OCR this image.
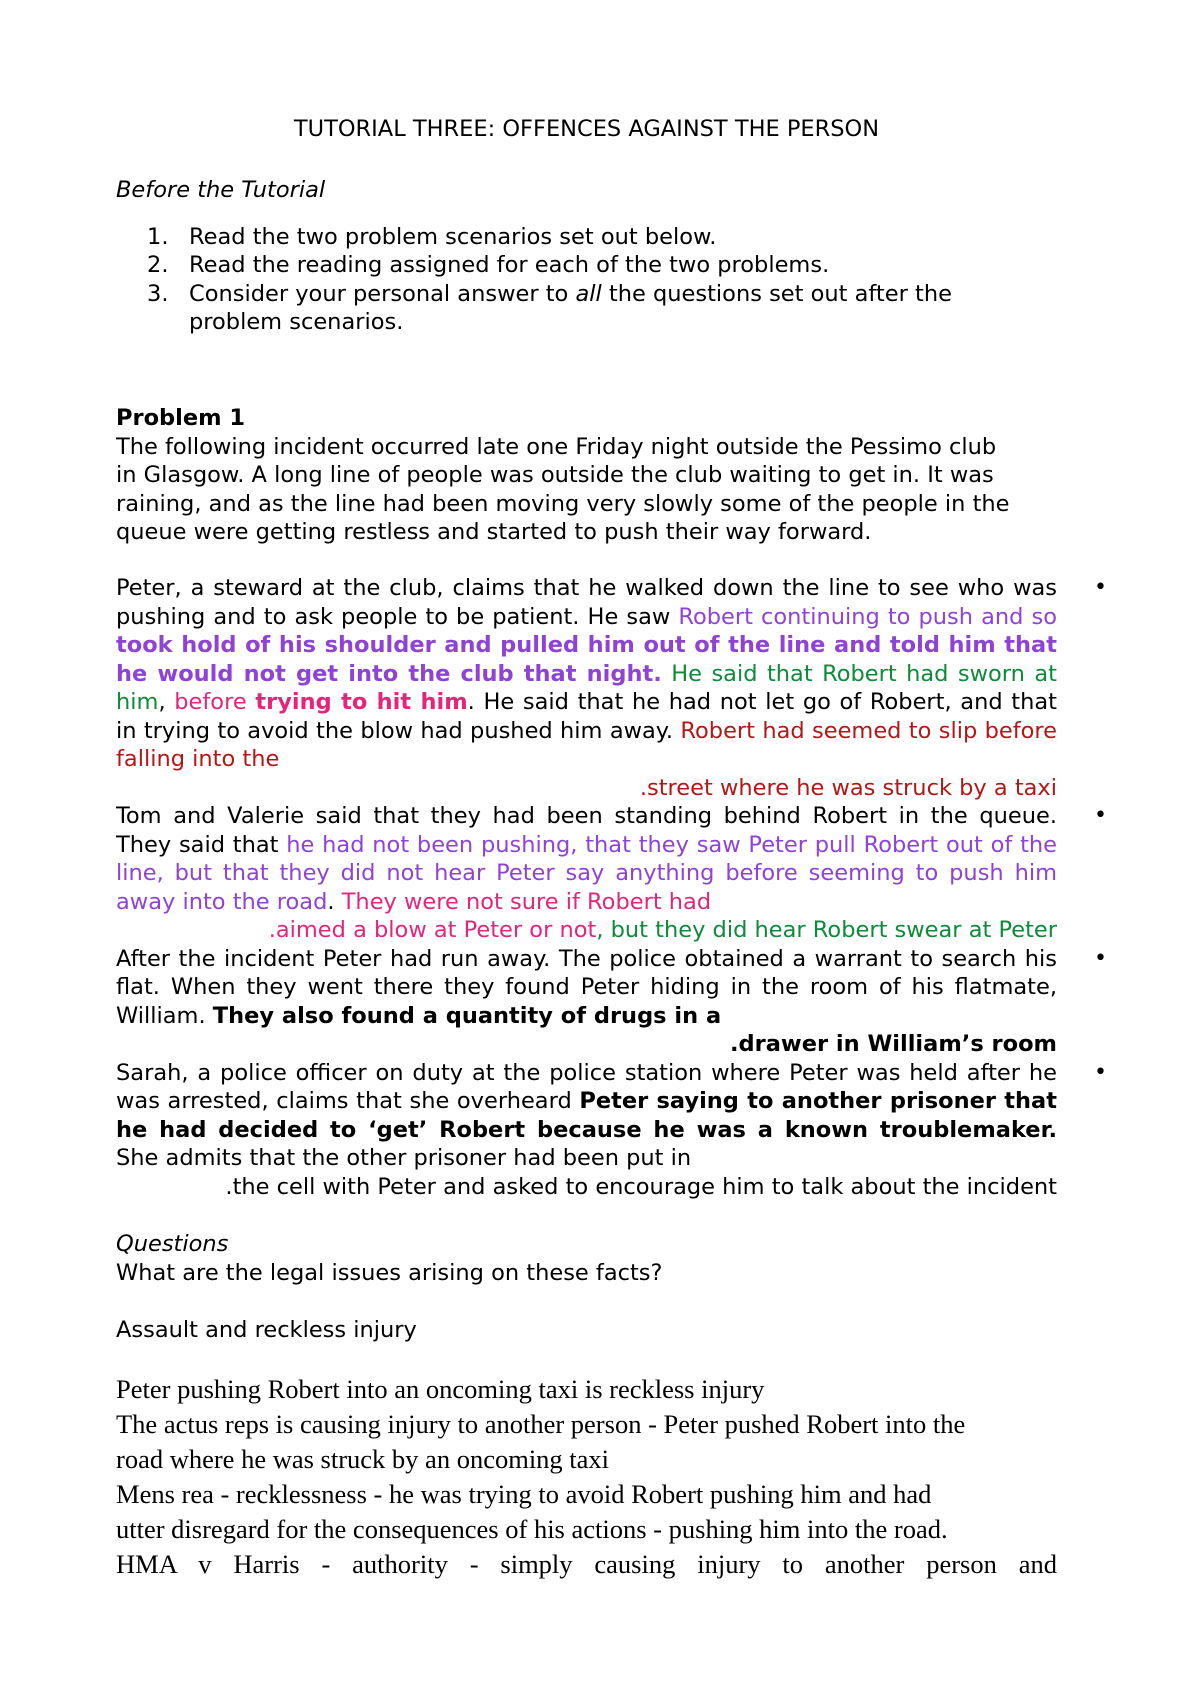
TUTORIAL THREE: OFFENCES AGAINST THE PERSON

Before the Tutorial

1. Read the two problem scenarios set out below.
2. Read the reading assigned for each of the two problems.
3. Consider your personal answer to all the questions set out after the
problem scenarios.

Problem 1

The following incident occurred late one Friday night outside the Pessimo club

in Glasgow. A long line of people was outside the club waiting to get in. It was

raining, and as the line had been moving very slowly some of the people in the

queue were getting restless and started to push their way forward.

•

Peter, a steward at the club, claims that he walked down the line to see who was pushing and to ask people to be patient. He saw Robert continuing to push and so took hold of his shoulder and pulled him out of the line and told him that he would not get into the club that night. He said that Robert had sworn at him, before trying to hit him. He said that he had not let go of Robert, and that in trying to avoid the blow had pushed him away. Robert had seemed to slip before falling into the

.street where he was struck by a taxi

•

Tom and Valerie said that they had been standing behind Robert in the queue. They said that he had not been pushing, that they saw Peter pull Robert out of the line, but that they did not hear Peter say anything before seeming to push him away into the road. They were not sure if Robert had

.aimed a blow at Peter or not, but they did hear Robert swear at Peter

•

After the incident Peter had run away. The police obtained a warrant to search his flat. When they went there they found Peter hiding in the room of his flatmate, William. They also found a quantity of drugs in a

.drawer in William’s room

•

Sarah, a police officer on duty at the police station where Peter was held after he was arrested, claims that she overheard Peter saying to another prisoner that he had decided to ‘get’ Robert because he was a known troublemaker. She admits that the other prisoner had been put in

.the cell with Peter and asked to encourage him to talk about the incident

Questions

What are the legal issues arising on these facts?

Assault and reckless injury

Peter pushing Robert into an oncoming taxi is reckless injury

The actus reps is causing injury to another person - Peter pushed Robert into the

road where he was struck by an oncoming taxi

Mens rea - recklessness - he was trying to avoid Robert pushing him and had

utter disregard for the consequences of his actions - pushing him into the road.

HMA v Harris - authority - simply causing injury to another person and
